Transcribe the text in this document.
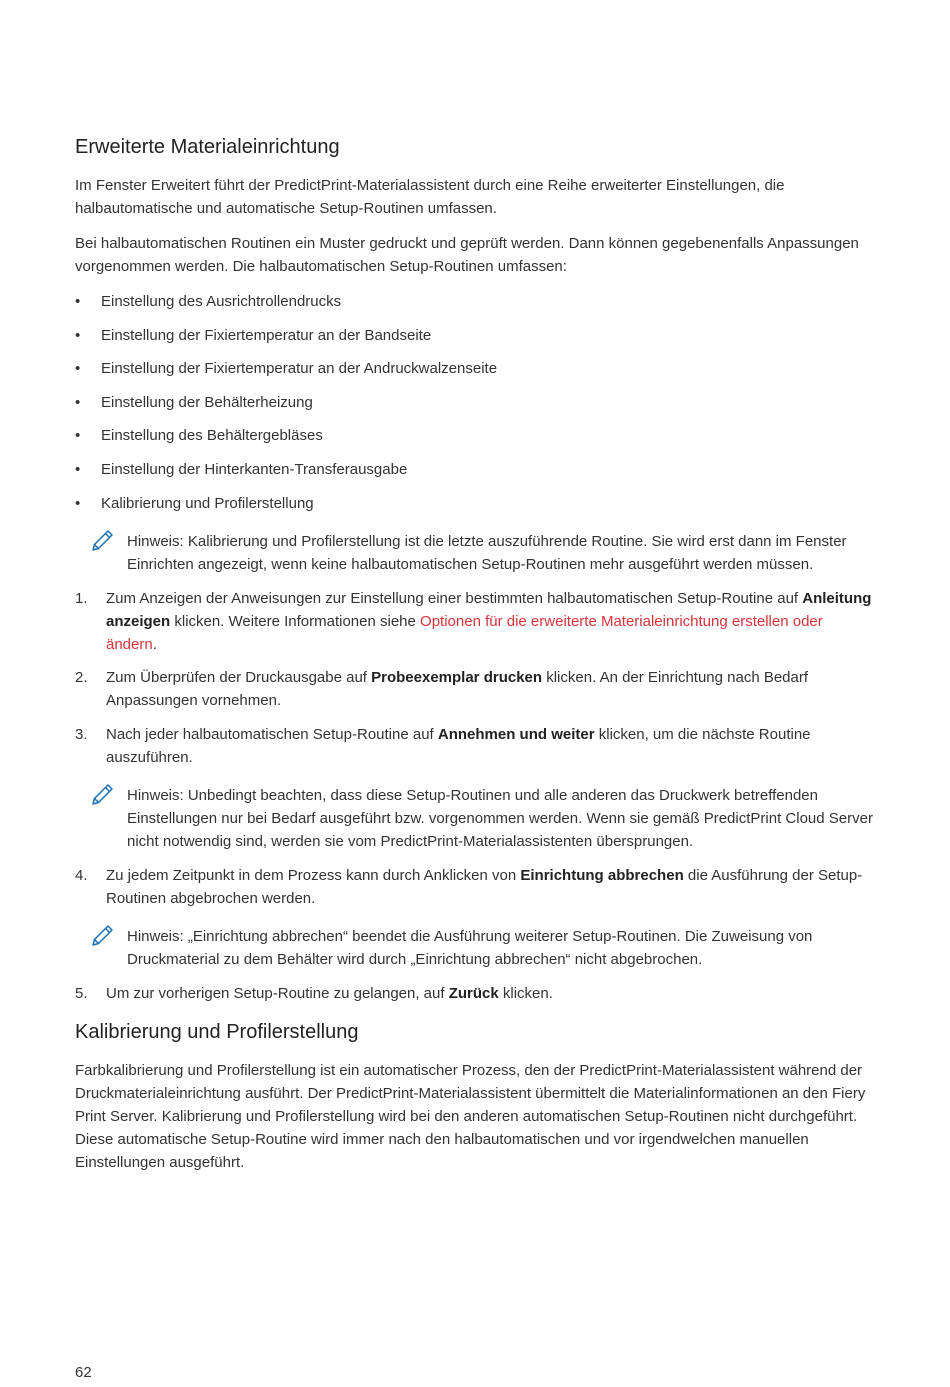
Erweiterte Materialeinrichtung

Im Fenster Erweitert führt der PredictPrint-Materialassistent durch eine Reihe erweiterter Einstellungen, die halbautomatische und automatische Setup-Routinen umfassen.

Bei halbautomatischen Routinen ein Muster gedruckt und geprüft werden. Dann können gegebenenfalls Anpassungen vorgenommen werden. Die halbautomatischen Setup-Routinen umfassen:

• Einstellung des Ausrichtrollendrucks
• Einstellung der Fixiertemperatur an der Bandseite
• Einstellung der Fixiertemperatur an der Andruckwalzenseite
• Einstellung der Behälterheizung
• Einstellung des Behältergebläses
• Einstellung der Hinterkanten-Transferausgabe
• Kalibrierung und Profilerstellung
Hinweis: Kalibrierung und Profilerstellung ist die letzte auszuführende Routine. Sie wird erst dann im Fenster Einrichten angezeigt, wenn keine halbautomatischen Setup-Routinen mehr ausgeführt werden müssen.
1. Zum Anzeigen der Anweisungen zur Einstellung einer bestimmten halbautomatischen Setup-Routine auf Anleitung anzeigen klicken. Weitere Informationen siehe Optionen für die erweiterte Materialeinrichtung erstellen oder ändern.
2. Zum Überprüfen der Druckausgabe auf Probeexemplar drucken klicken. An der Einrichtung nach Bedarf Anpassungen vornehmen.
3. Nach jeder halbautomatischen Setup-Routine auf Annehmen und weiter klicken, um die nächste Routine auszuführen.
Hinweis: Unbedingt beachten, dass diese Setup-Routinen und alle anderen das Druckwerk betreffenden Einstellungen nur bei Bedarf ausgeführt bzw. vorgenommen werden. Wenn sie gemäß PredictPrint Cloud Server nicht notwendig sind, werden sie vom PredictPrint-Materialassistenten übersprungen.
4. Zu jedem Zeitpunkt in dem Prozess kann durch Anklicken von Einrichtung abbrechen die Ausführung der Setup-Routinen abgebrochen werden.
Hinweis: „Einrichtung abbrechen“ beendet die Ausführung weiterer Setup-Routinen. Die Zuweisung von Druckmaterial zu dem Behälter wird durch „Einrichtung abbrechen“ nicht abgebrochen.
5. Um zur vorherigen Setup-Routine zu gelangen, auf Zurück klicken.
Kalibrierung und Profilerstellung

Farbkalibrierung und Profilerstellung ist ein automatischer Prozess, den der PredictPrint-Materialassistent während der Druckmaterialeinrichtung ausführt. Der PredictPrint-Materialassistent übermittelt die Materialinformationen an den Fiery Print Server. Kalibrierung und Profilerstellung wird bei den anderen automatischen Setup-Routinen nicht durchgeführt. Diese automatische Setup-Routine wird immer nach den halbautomatischen und vor irgendwelchen manuellen Einstellungen ausgeführt.

62
